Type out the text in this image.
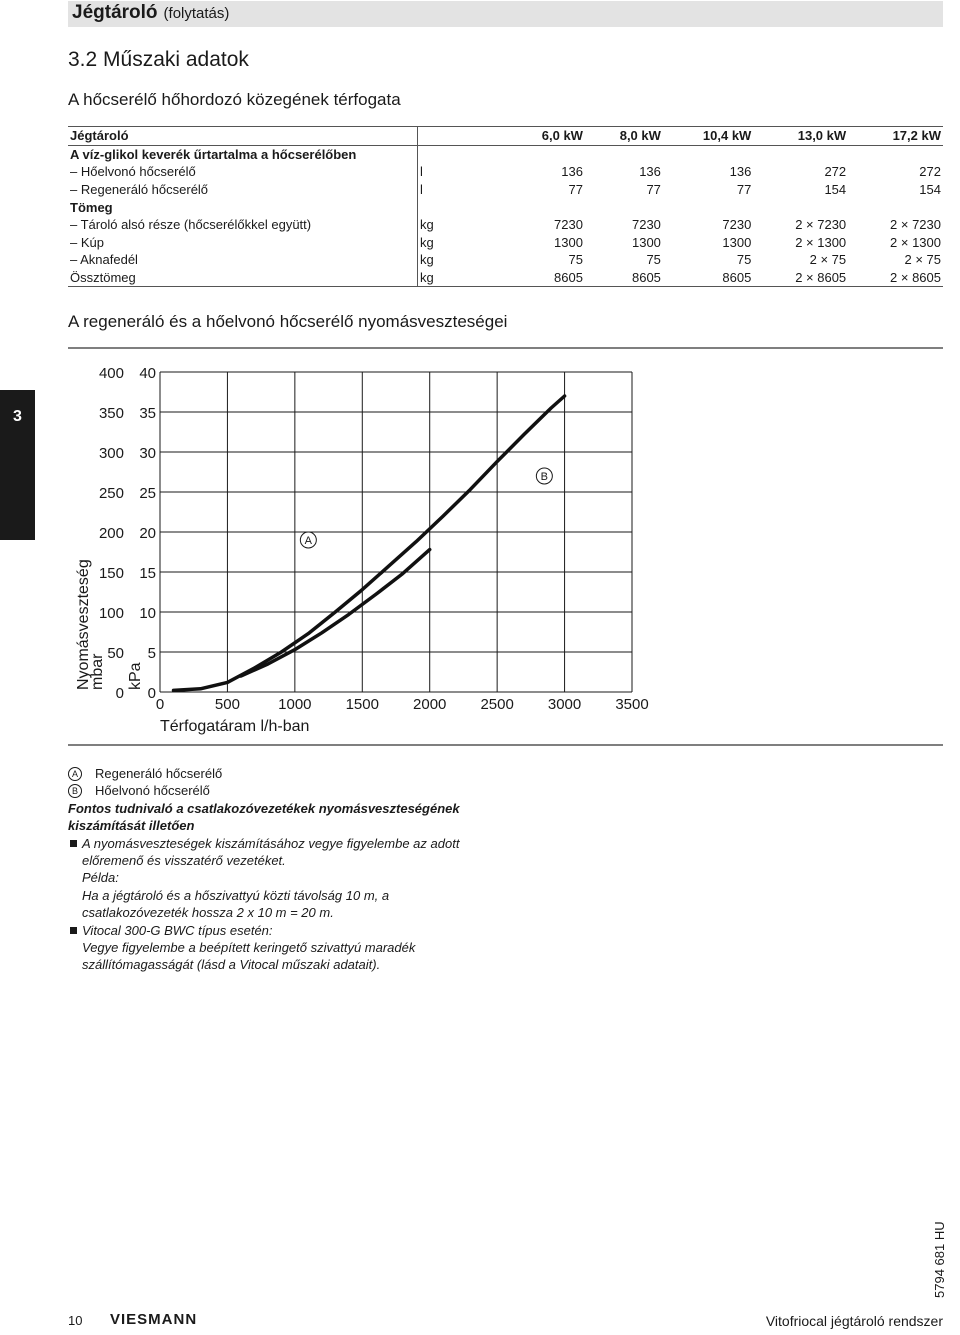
Jégtároló (folytatás)
3.2 Műszaki adatok
A hőcserélő hőhordozó közegének térfogata
Jégtároló		6,0 kW	8,0 kW	10,4 kW	13,0 kW	17,2 kW
A víz-glikol keverék űrtartalma a hőcserélőben						
– Hőelvonó hőcserélő	l	136	136	136	272	272
– Regeneráló hőcserélő	l	77	77	77	154	154
Tömeg						
– Tároló alsó része (hőcserélőkkel együtt)	kg	7230	7230	7230	2 × 7230	2 × 7230
– Kúp	kg	1300	1300	1300	2 × 1300	2 × 1300
– Aknafedél	kg	75	75	75	2 × 75	2 × 75
Össztömeg	kg	8605	8605	8605	2 × 8605	2 × 8605
A regeneráló és a hőelvonó hőcserélő nyomásveszteségei
3
0	500	1000 1500 2000 2500 3000 3500
0
50
100
150
200
250
300
350
400
0
5
10
15
20
25
30
35
40
A
B
Térfogatáram l/h-ban
Nyomásveszteség
mbar kPa
A	Regeneráló hőcserélő
B	Hőelvonó hőcserélő
Fontos tudnivaló a csatlakozóvezetékek nyomásveszteségének kiszámítását illetően
A nyomásveszteségek kiszámításához vegye figyelembe az adott előremenő és visszatérő vezetéket.
Példa:
Ha a jégtároló és a hőszivattyú közti távolság 10 m, a csatlakozóvezeték hossza 2 x 10 m = 20 m.
Vitocal 300-G BWC típus esetén:
Vegye figyelembe a beépített keringető szivattyú maradék szállítómagasságát (lásd a Vitocal műszaki adatait).
5794 681 HU
10 VIESMANN	Vitofriocal jégtároló rendszer
